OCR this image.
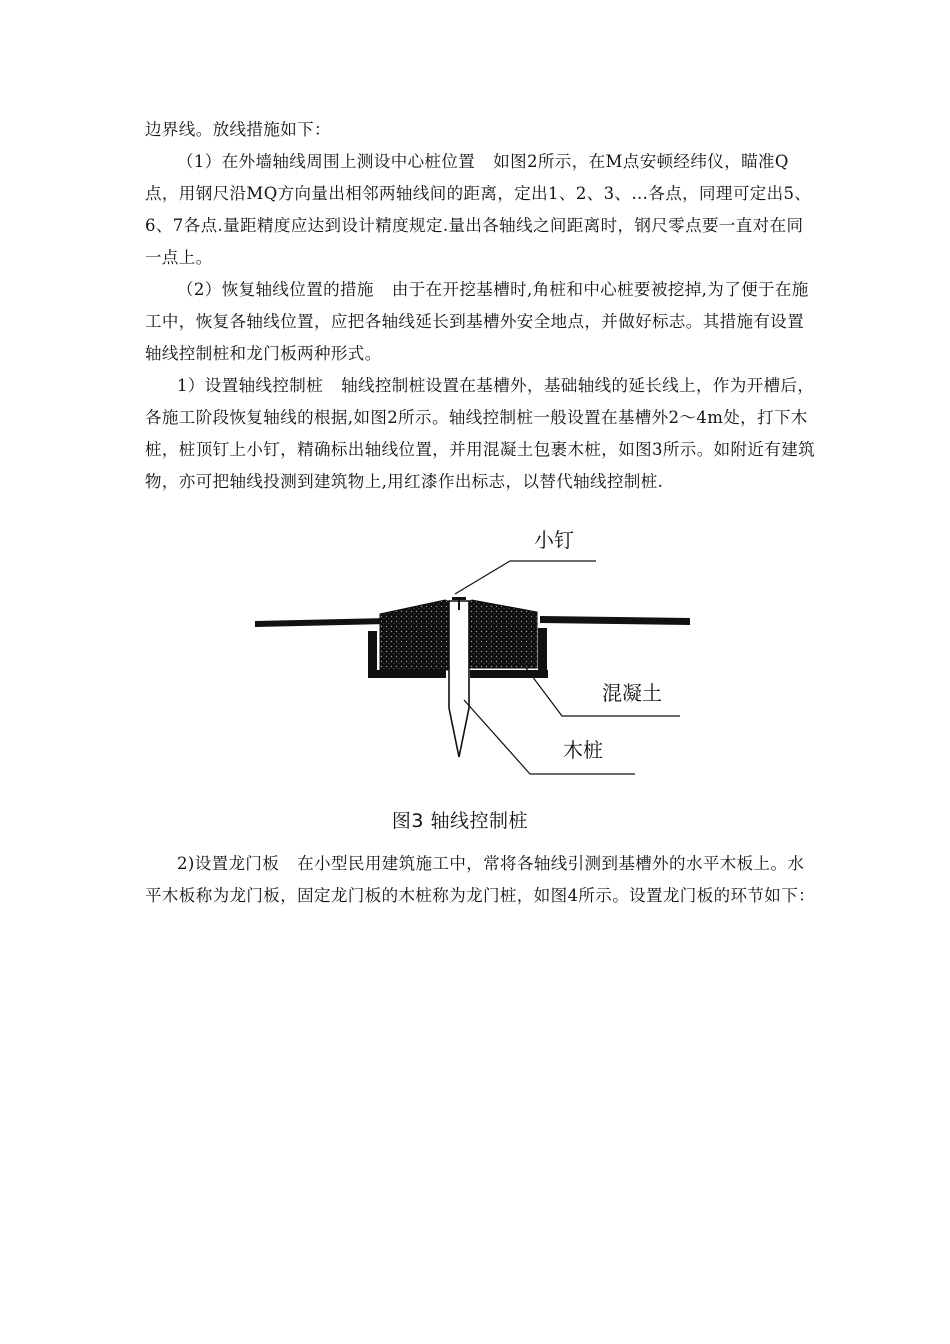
边界线。放线措施如下：

（1）在外墙轴线周围上测设中心桩位置 如图2所示，在M点安顿经纬仪，瞄准Q点，用钢尺沿MQ方向量出相邻两轴线间的距离，定出1、2、3、…各点，同理可定出5、6、7各点.量距精度应达到设计精度规定.量出各轴线之间距离时，钢尺零点要一直对在同一点上。

（2）恢复轴线位置的措施 由于在开挖基槽时,角桩和中心桩要被挖掉,为了便于在施工中，恢复各轴线位置，应把各轴线延长到基槽外安全地点，并做好标志。其措施有设置轴线控制桩和龙门板两种形式。

1）设置轴线控制桩 轴线控制桩设置在基槽外，基础轴线的延长线上，作为开槽后，各施工阶段恢复轴线的根据,如图2所示。轴线控制桩一般设置在基槽外2～4m处，打下木桩，桩顶钉上小钉，精确标出轴线位置，并用混凝土包裹木桩，如图3所示。如附近有建筑物，亦可把轴线投测到建筑物上,用红漆作出标志，以替代轴线控制桩.

小钉
混凝土
木桩
图3 轴线控制桩

2)设置龙门板 在小型民用建筑施工中，常将各轴线引测到基槽外的水平木板上。水平木板称为龙门板，固定龙门板的木桩称为龙门桩，如图4所示。设置龙门板的环节如下：
